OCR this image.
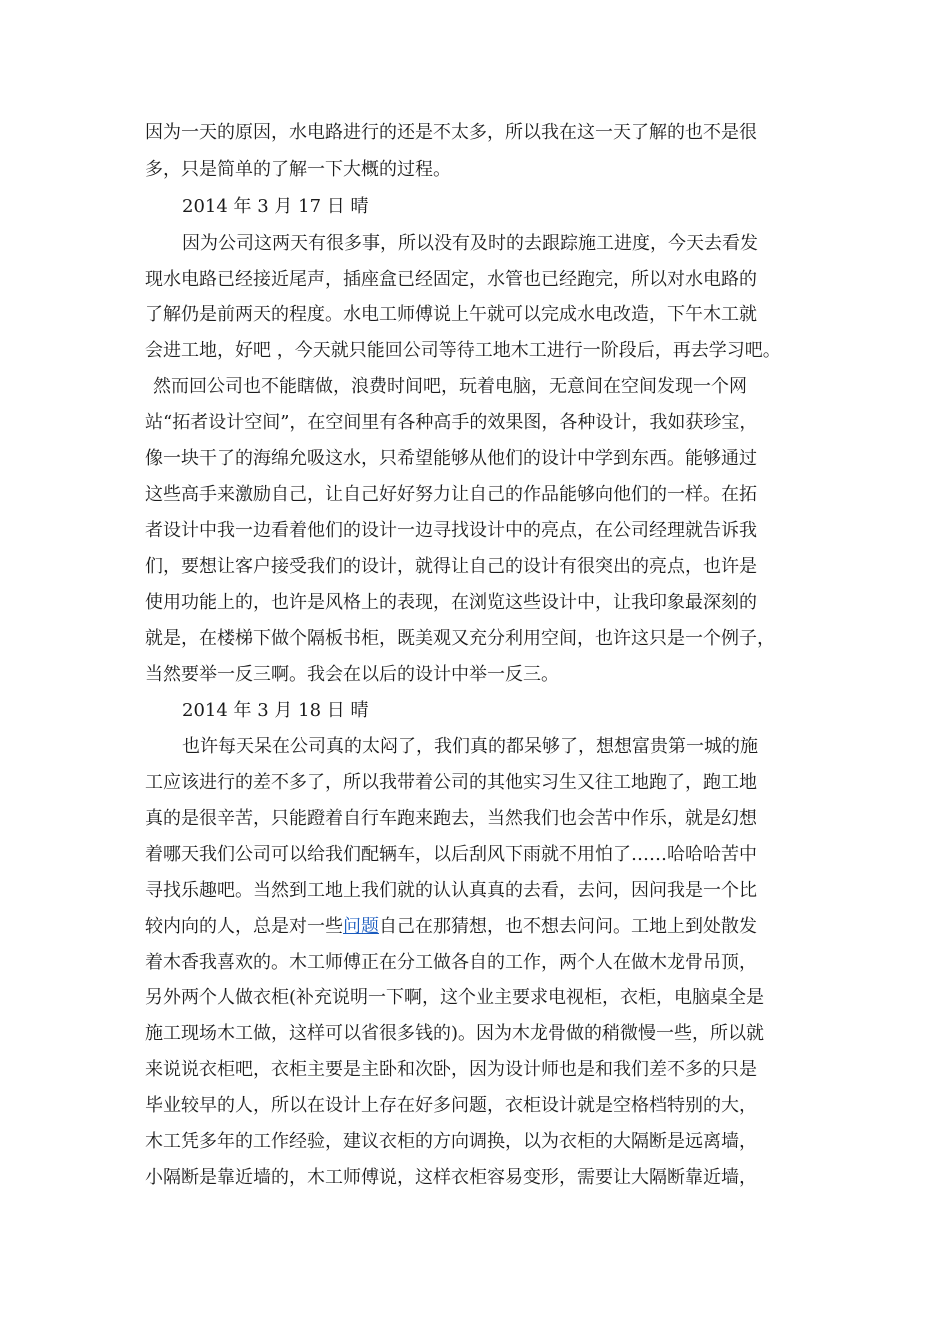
因为一天的原因，水电路进行的还是不太多，所以我在这一天了解的也不是很
多，只是简单的了解一下大概的过程。
2014 年 3 月 17 日 晴
因为公司这两天有很多事，所以没有及时的去跟踪施工进度，今天去看发
现水电路已经接近尾声，插座盒已经固定，水管也已经跑完，所以对水电路的
了解仍是前两天的程度。水电工师傅说上午就可以完成水电改造，下午木工就
会进工地，好吧 ，今天就只能回公司等待工地木工进行一阶段后，再去学习吧。
然而回公司也不能瞎做，浪费时间吧，玩着电脑，无意间在空间发现一个网
站“拓者设计空间”，在空间里有各种高手的效果图，各种设计，我如获珍宝，
像一块干了的海绵允吸这水，只希望能够从他们的设计中学到东西。能够通过
这些高手来激励自己，让自己好好努力让自己的作品能够向他们的一样。在拓
者设计中我一边看着他们的设计一边寻找设计中的亮点，在公司经理就告诉我
们，要想让客户接受我们的设计，就得让自己的设计有很突出的亮点，也许是
使用功能上的，也许是风格上的表现，在浏览这些设计中，让我印象最深刻的
就是，在楼梯下做个隔板书柜，既美观又充分利用空间，也许这只是一个例子，
当然要举一反三啊。我会在以后的设计中举一反三。
2014 年 3 月 18 日 晴
也许每天呆在公司真的太闷了，我们真的都呆够了，想想富贵第一城的施
工应该进行的差不多了，所以我带着公司的其他实习生又往工地跑了，跑工地
真的是很辛苦，只能蹬着自行车跑来跑去，当然我们也会苦中作乐，就是幻想
着哪天我们公司可以给我们配辆车，以后刮风下雨就不用怕了……哈哈哈苦中
寻找乐趣吧。当然到工地上我们就的认认真真的去看，去问，因问我是一个比
较内向的人，总是对一些问题自己在那猜想，也不想去问问。工地上到处散发
着木香我喜欢的。木工师傅正在分工做各自的工作，两个人在做木龙骨吊顶，
另外两个人做衣柜(补充说明一下啊，这个业主要求电视柜，衣柜，电脑桌全是
施工现场木工做，这样可以省很多钱的)。因为木龙骨做的稍微慢一些，所以就
来说说衣柜吧，衣柜主要是主卧和次卧，因为设计师也是和我们差不多的只是
毕业较早的人，所以在设计上存在好多问题，衣柜设计就是空格档特别的大，
木工凭多年的工作经验，建议衣柜的方向调换，以为衣柜的大隔断是远离墙，
小隔断是靠近墙的，木工师傅说，这样衣柜容易变形，需要让大隔断靠近墙，
